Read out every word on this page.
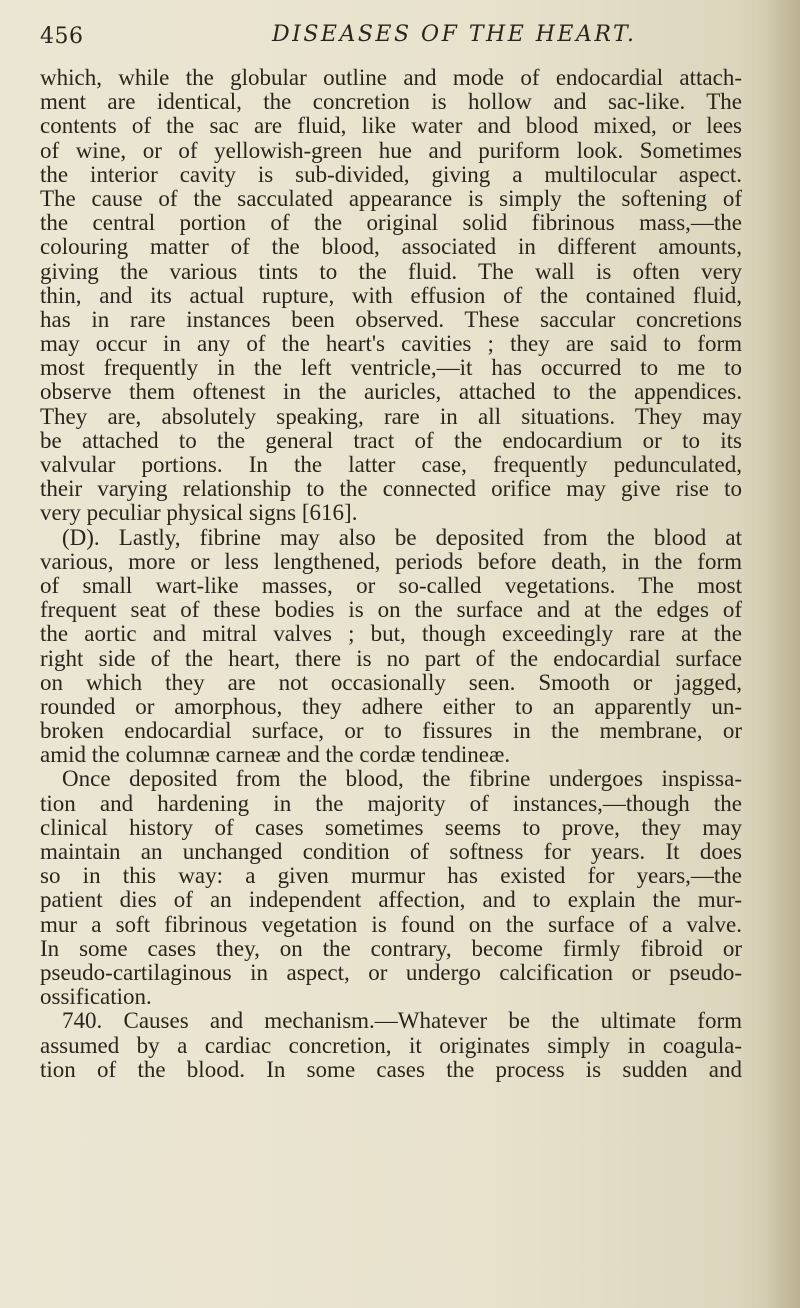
456	DISEASES OF THE HEART.
which, while the globular outline and mode of endocardial attach-
ment are identical, the concretion is hollow and sac-like. The
contents of the sac are fluid, like water and blood mixed, or lees
of wine, or of yellowish-green hue and puriform look. Sometimes
the interior cavity is sub-divided, giving a multilocular aspect.
The cause of the sacculated appearance is simply the softening of
the central portion of the original solid fibrinous mass,—the
colouring matter of the blood, associated in different amounts,
giving the various tints to the fluid. The wall is often very
thin, and its actual rupture, with effusion of the contained fluid,
has in rare instances been observed. These saccular concretions
may occur in any of the heart's cavities ; they are said to form
most frequently in the left ventricle,—it has occurred to me to
observe them oftenest in the auricles, attached to the appendices.
They are, absolutely speaking, rare in all situations. They may
be attached to the general tract of the endocardium or to its
valvular portions. In the latter case, frequently pedunculated,
their varying relationship to the connected orifice may give rise to
very peculiar physical signs [616].
(D). Lastly, fibrine may also be deposited from the blood at
various, more or less lengthened, periods before death, in the form
of small wart-like masses, or so-called vegetations. The most
frequent seat of these bodies is on the surface and at the edges of
the aortic and mitral valves ; but, though exceedingly rare at the
right side of the heart, there is no part of the endocardial surface
on which they are not occasionally seen. Smooth or jagged,
rounded or amorphous, they adhere either to an apparently un-
broken endocardial surface, or to fissures in the membrane, or
amid the columnæ carneæ and the cordæ tendineæ.
Once deposited from the blood, the fibrine undergoes inspissa-
tion and hardening in the majority of instances,—though the
clinical history of cases sometimes seems to prove, they may
maintain an unchanged condition of softness for years. It does
so in this way: a given murmur has existed for years,—the
patient dies of an independent affection, and to explain the mur-
mur a soft fibrinous vegetation is found on the surface of a valve.
In some cases they, on the contrary, become firmly fibroid or
pseudo-cartilaginous in aspect, or undergo calcification or pseudo-
ossification.
740. Causes and mechanism.—Whatever be the ultimate form
assumed by a cardiac concretion, it originates simply in coagula-
tion of the blood. In some cases the process is sudden and
